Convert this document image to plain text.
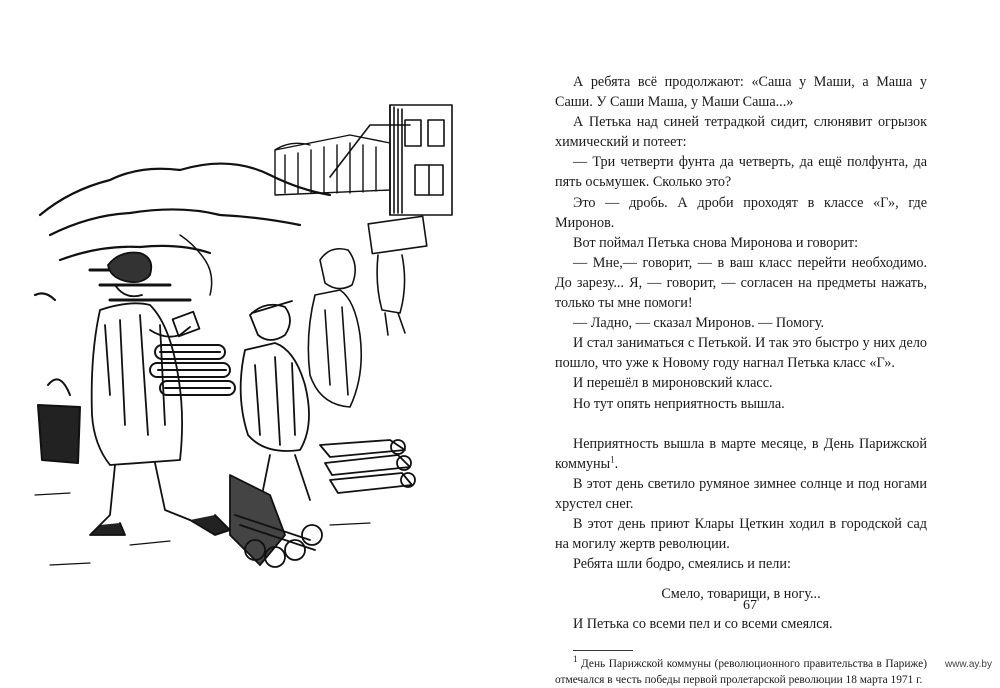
А ребята всё продолжают: «Саша у Маши, а Маша у Саши. У Саши Маша, у Маши Саша...»

А Петька над синей тетрадкой сидит, слюнявит огрызок химический и потеет:

— Три четверти фунта да четверть, да ещё полфунта, да пять осьмушек. Сколько это?

Это — дробь. А дроби проходят в классе «Г», где Миронов.

Вот поймал Петька снова Миронова и говорит:

— Мне,— говорит, — в ваш класс перейти необходимо. До зарезу... Я, — говорит, — согласен на предметы нажать, только ты мне помоги!

— Ладно, — сказал Миронов. — Помогу.

И стал заниматься с Петькой. И так это быстро у них дело пошло, что уже к Новому году нагнал Петька класс «Г».

И перешёл в мироновский класс.

Но тут опять неприятность вышла.

Неприятность вышла в марте месяце, в День Парижской коммуны$^1$.

В этот день светило румяное зимнее солнце и под ногами хрустел снег.

В этот день приют Клары Цеткин ходил в городской сад на могилу жертв революции.

Ребята шли бодро, смеялись и пели:

Смело, товарищи, в ногу...

И Петька со всеми пел и со всеми смеялся.

$^1$ День Парижской коммуны (революционного правительства в Париже) отмечался в честь победы первой пролетарской революции 18 марта 1971 г.

67
www.ay.by
